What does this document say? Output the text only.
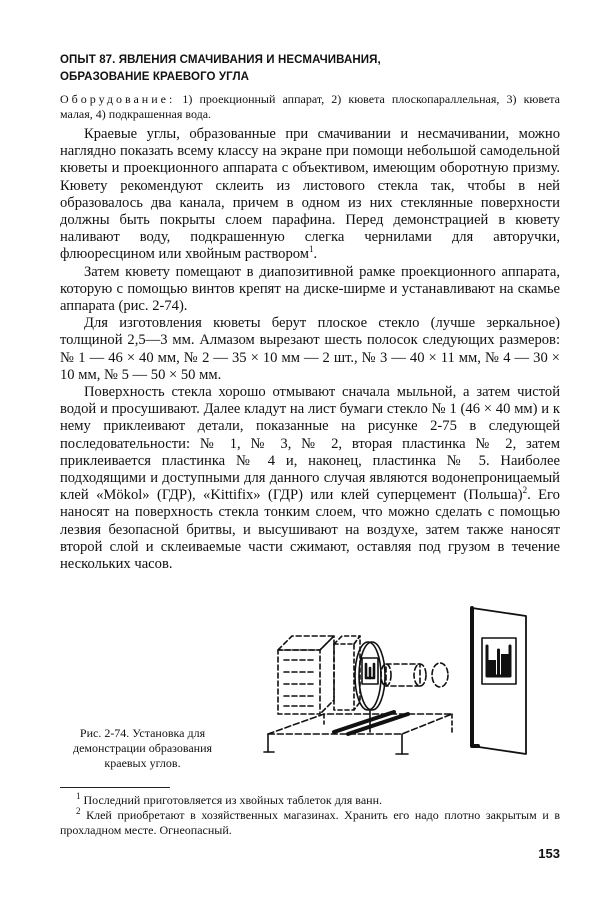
ОПЫТ 87. ЯВЛЕНИЯ СМАЧИВАНИЯ И НЕСМАЧИВАНИЯ,
ОБРАЗОВАНИЕ КРАЕВОГО УГЛА
Оборудование: 1) проекционный аппарат, 2) кювета плоскопараллельная, 3) кювета малая, 4) подкрашенная вода.

Краевые углы, образованные при смачивании и несмачивании, можно наглядно показать всему классу на экране при помощи небольшой самодельной кюветы и проекционного аппарата с объективом, имеющим оборотную призму. Кювету рекомендуют склеить из листового стекла так, чтобы в ней образовалось два канала, причем в одном из них стеклянные поверхности должны быть покрыты слоем парафина. Перед демонстрацией в кювету наливают воду, подкрашенную слегка чернилами для авторучки, флюоресцином или хвойным раствором$^1$.

Затем кювету помещают в диапозитивной рамке проекционного аппарата, которую с помощью винтов крепят на диске-ширме и устанавливают на скамье аппарата (рис. 2-74).

Для изготовления кюветы берут плоское стекло (лучше зеркальное) толщиной 2,5—3 мм. Алмазом вырезают шесть полосок следующих размеров: № 1 — 46 × 40 мм, № 2 — 35 × 10 мм — 2 шт., № 3 — 40 × 11 мм, № 4 — 30 × 10 мм, № 5 — 50 × 50 мм.

Поверхность стекла хорошо отмывают сначала мыльной, а затем чистой водой и просушивают. Далее кладут на лист бумаги стекло № 1 (46 × 40 мм) и к нему приклеивают детали, показанные на рисунке 2-75 в следующей последовательности: № 1, № 3, № 2, вторая пластинка № 2, затем приклеивается пластинка № 4 и, наконец, пластинка № 5. Наиболее подходящими и доступными для данного случая являются водонепроницаемый клей «Mökol» (ГДР), «Kittifix» (ГДР) или клей суперцемент (Польша)$^2$. Его наносят на поверхность стекла тонким слоем, что можно сделать с помощью лезвия безопасной бритвы, и высушивают на воздухе, затем также наносят второй слой и склеиваемые части сжимают, оставляя под грузом в течение нескольких часов.

Рис. 2-74. Установка для демонстрации образования краевых углов.

$^1$ Последний приготовляется из хвойных таблеток для ванн.

$^2$ Клей приобретают в хозяйственных магазинах. Хранить его надо плотно закрытым и в прохладном месте. Огнеопасный.

153
